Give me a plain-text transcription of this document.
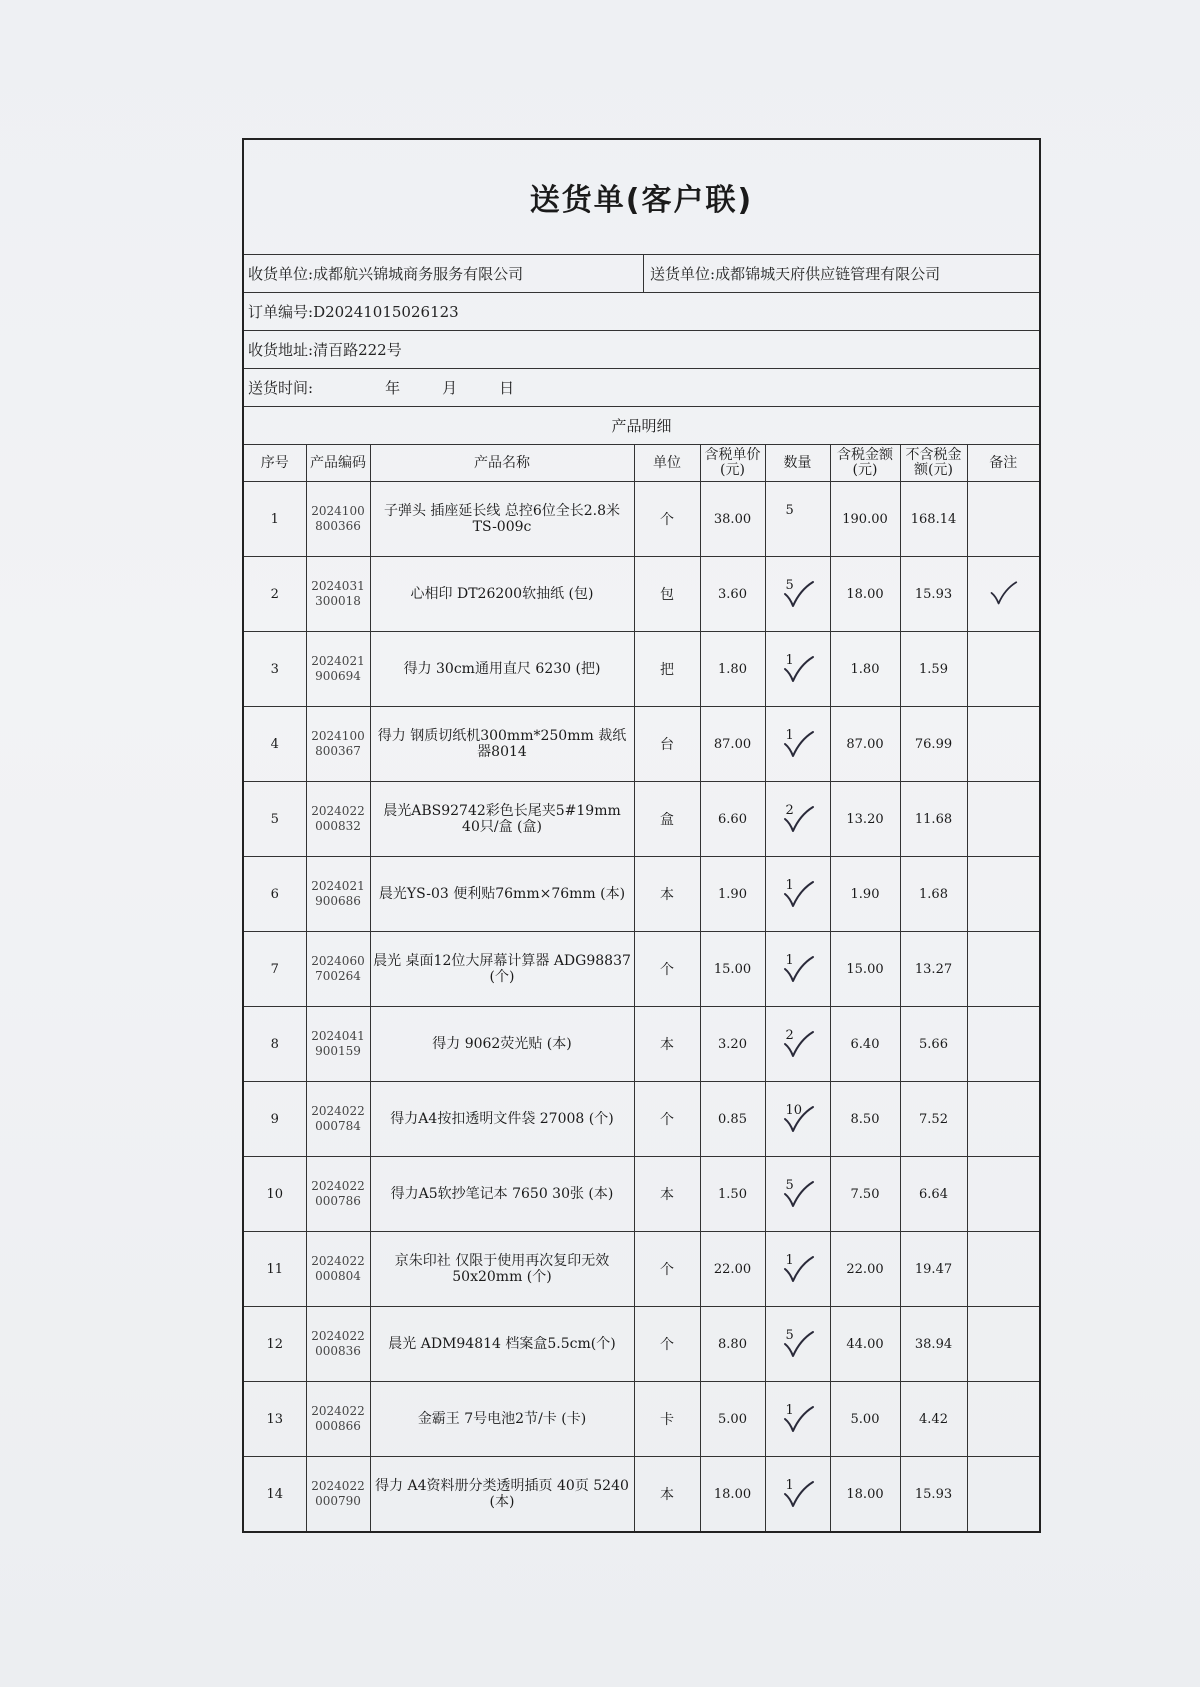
送货单(客户联)
收货单位: 成都航兴锦城商务服务有限公司	送货单位: 成都锦城天府供应链管理有限公司
订单编号: D20241015026123
收货地址: 清百路222号
送货时间:	年	月	日
产品明细
序号	产品编码	产品名称	单位	含税单价(元)	数量	含税金额(元)	不含税金额(元)	备注
1	2024100800366	子弹头 插座延长线 总控6位全长2.8米 TS-009c	个	38.00	5	190.00	168.14	
2	2024031300018	心相印 DT26200软抽纸 (包)	包	3.60	5	18.00	15.93	
3	2024021900694	得力 30cm通用直尺 6230 (把)	把	1.80	1	1.80	1.59	
4	2024100800367	得力 钢质切纸机300mm*250mm 裁纸器8014	台	87.00	1	87.00	76.99	
5	2024022000832	晨光ABS92742彩色长尾夹5#19mm 40只/盒 (盒)	盒	6.60	2	13.20	11.68	
6	2024021900686	晨光YS-03 便利贴76mm×76mm (本)	本	1.90	1	1.90	1.68	
7	2024060700264	晨光 桌面12位大屏幕计算器 ADG98837 (个)	个	15.00	1	15.00	13.27	
8	2024041900159	得力 9062荧光贴 (本)	本	3.20	2	6.40	5.66	
9	2024022000784	得力A4按扣透明文件袋 27008 (个)	个	0.85	10	8.50	7.52	
10	2024022000786	得力A5软抄笔记本 7650 30张 (本)	本	1.50	5	7.50	6.64	
11	2024022000804	京朱印社 仅限于使用再次复印无效 50x20mm (个)	个	22.00	1	22.00	19.47	
12	2024022000836	晨光 ADM94814 档案盒5.5cm(个)	个	8.80	5	44.00	38.94	
13	2024022000866	金霸王 7号电池2节/卡 (卡)	卡	5.00	1	5.00	4.42	
14	2024022000790	得力 A4资料册分类透明插页 40页 5240 (本)	本	18.00	1	18.00	15.93	
